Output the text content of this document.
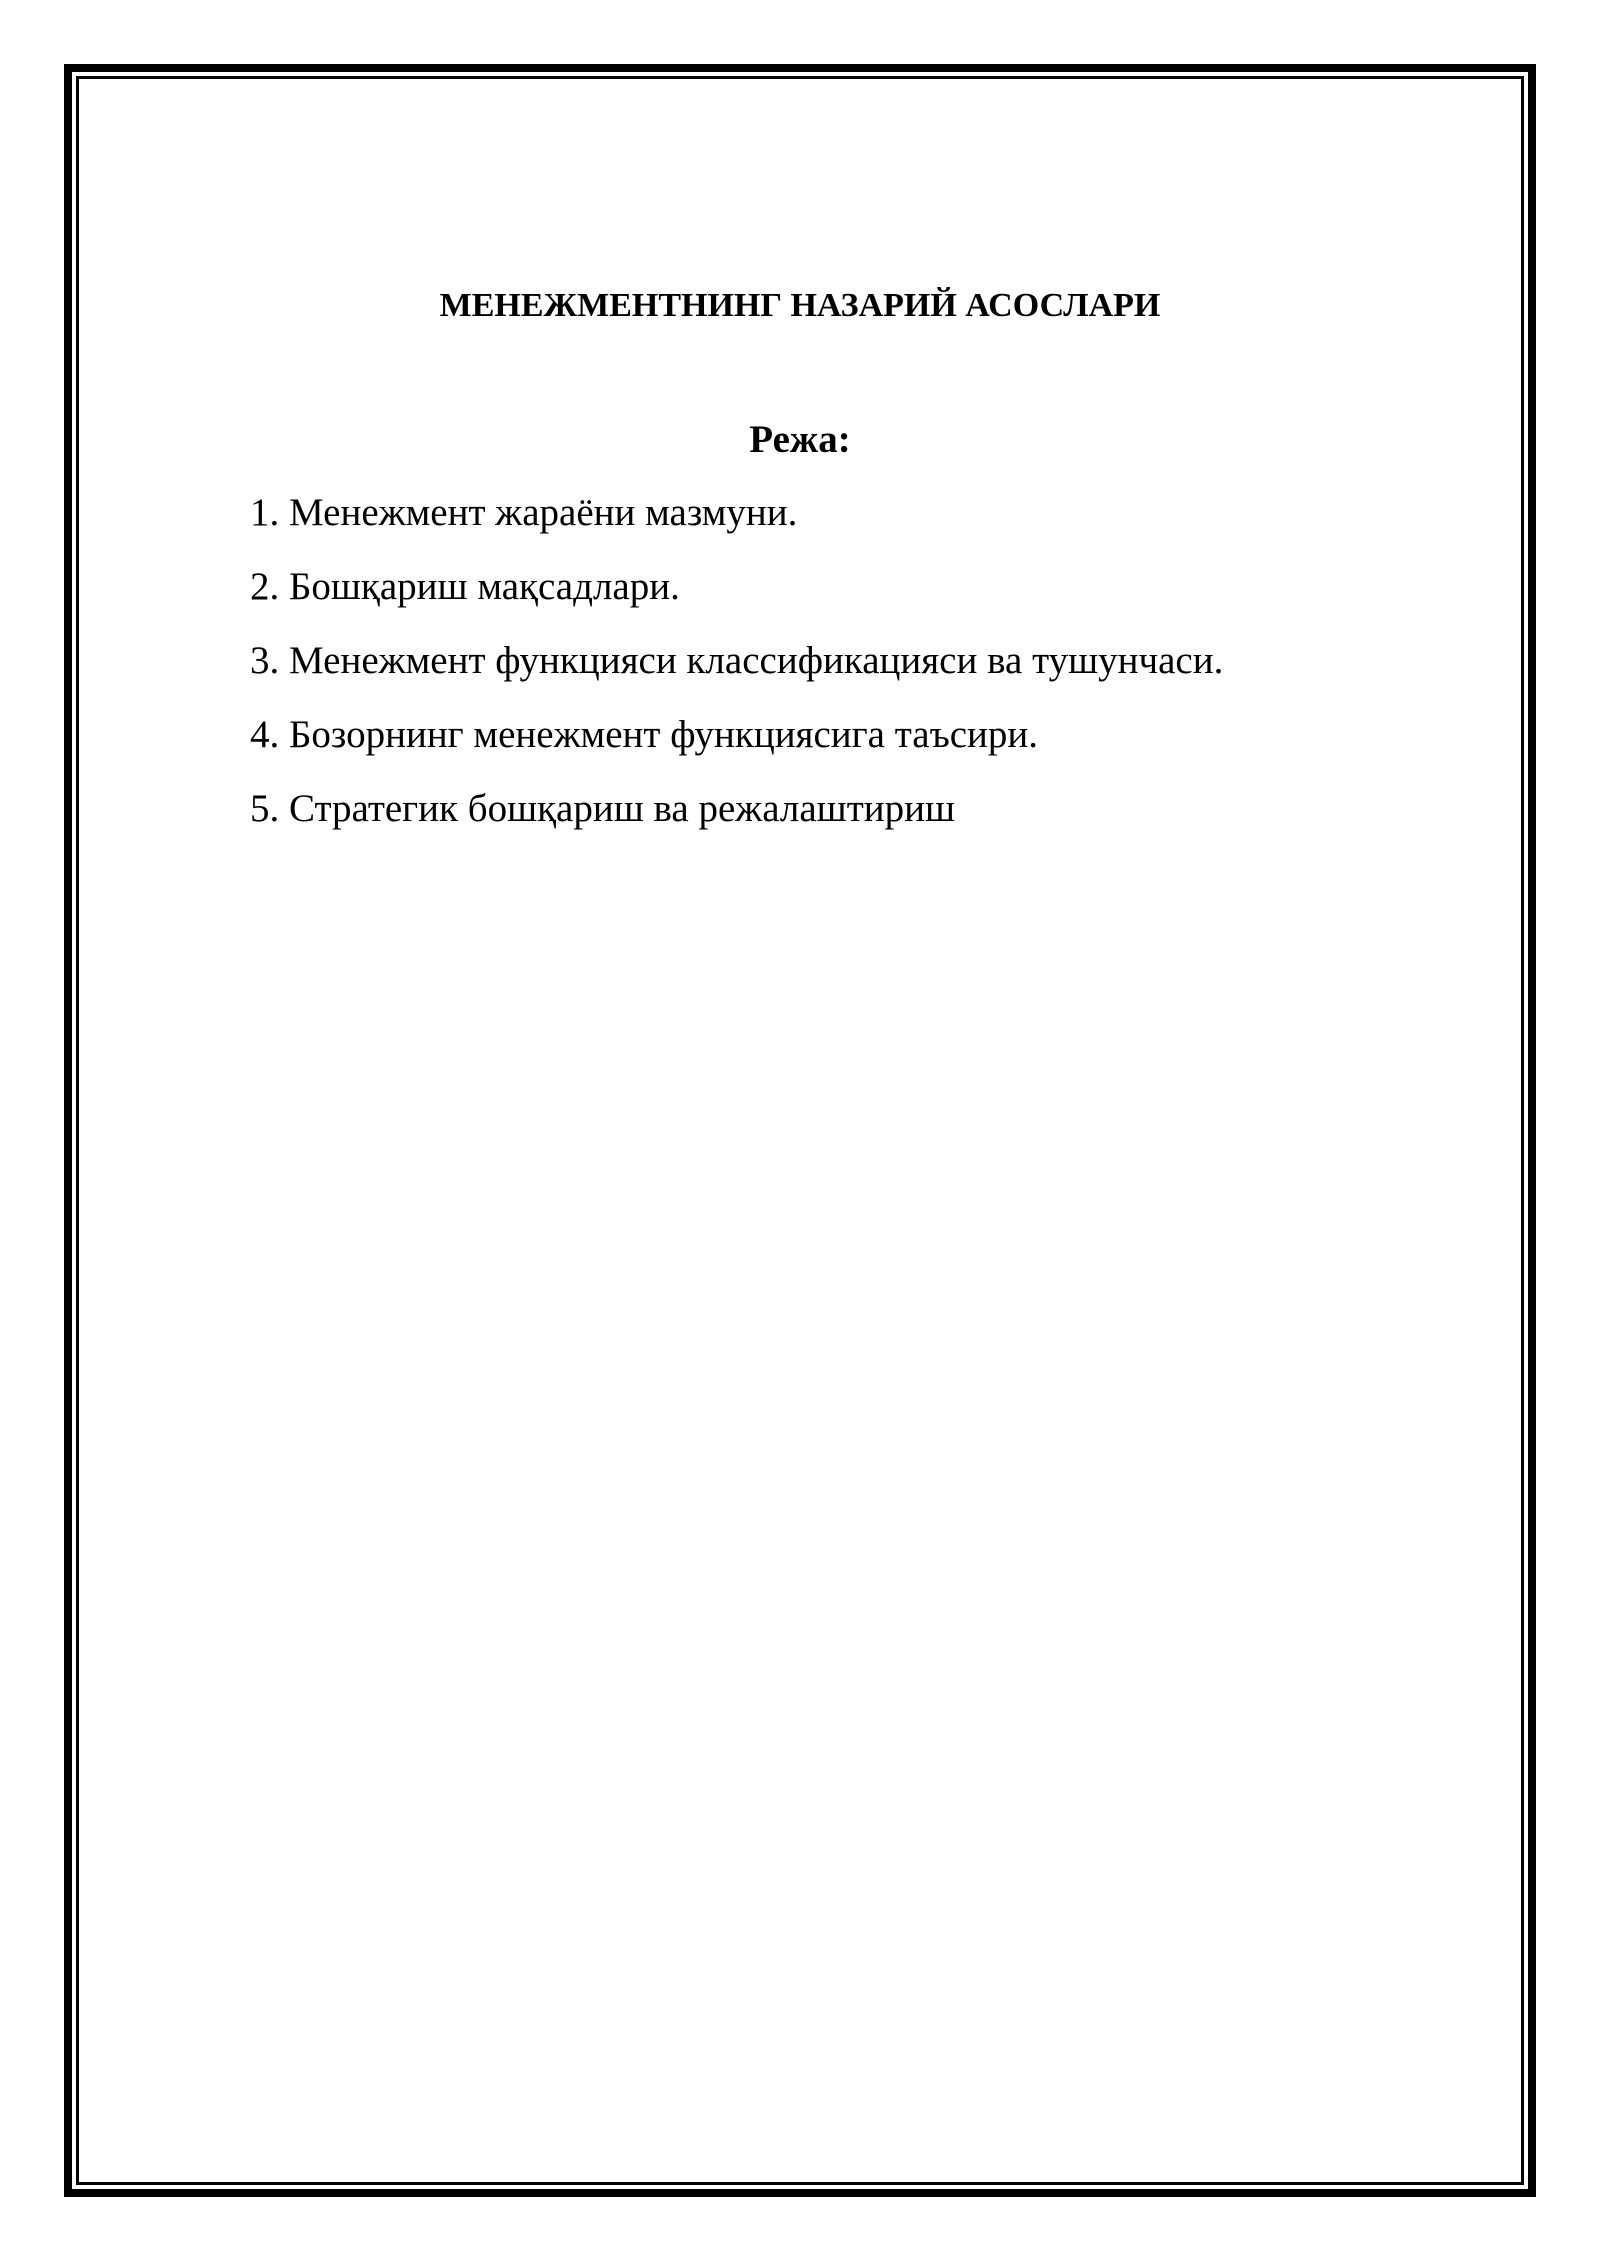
МЕНЕЖМЕНТНИНГ НАЗАРИЙ АСОСЛАРИ
Режа:
1. Менежмент жараёни мазмуни.
2. Бошқариш мақсадлари.
3. Менежмент функцияси классификацияси ва тушунчаси.
4. Бозорнинг менежмент функциясига таъсири.
5. Стратегик бошқариш ва режалаштириш
